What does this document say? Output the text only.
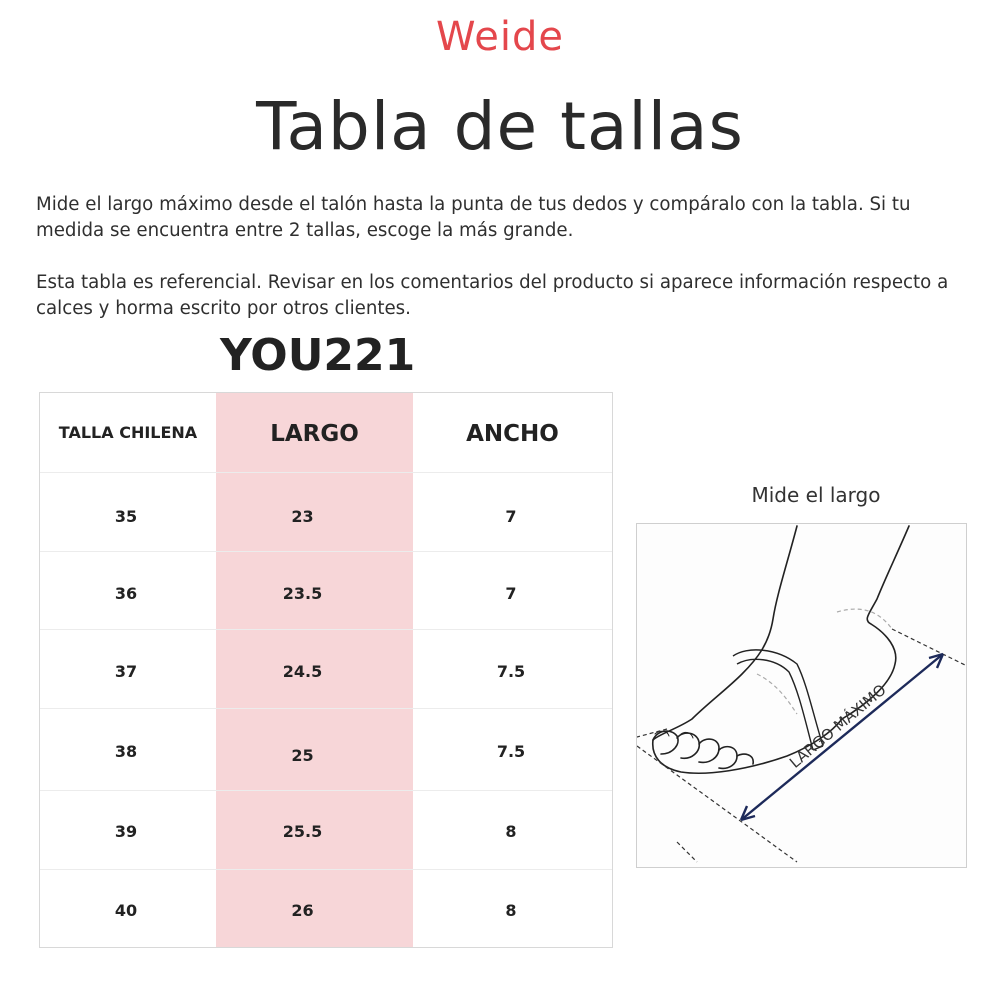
Weide
Tabla de tallas
Mide el largo máximo desde el talón hasta la punta de tus dedos y compáralo con la tabla. Si tu medida se encuentra entre 2 tallas, escoge la más grande.
Esta tabla es referencial. Revisar en los comentarios del producto si aparece información respecto a calces y horma escrito por otros clientes.
YOU221
TALLA CHILENA	LARGO	ANCHO
35	23	7
36	23.5	7
37	24.5	7.5
38	25	7.5
39	25.5	8
40	26	8
Mide el largo
LARGO MÁXIMO
